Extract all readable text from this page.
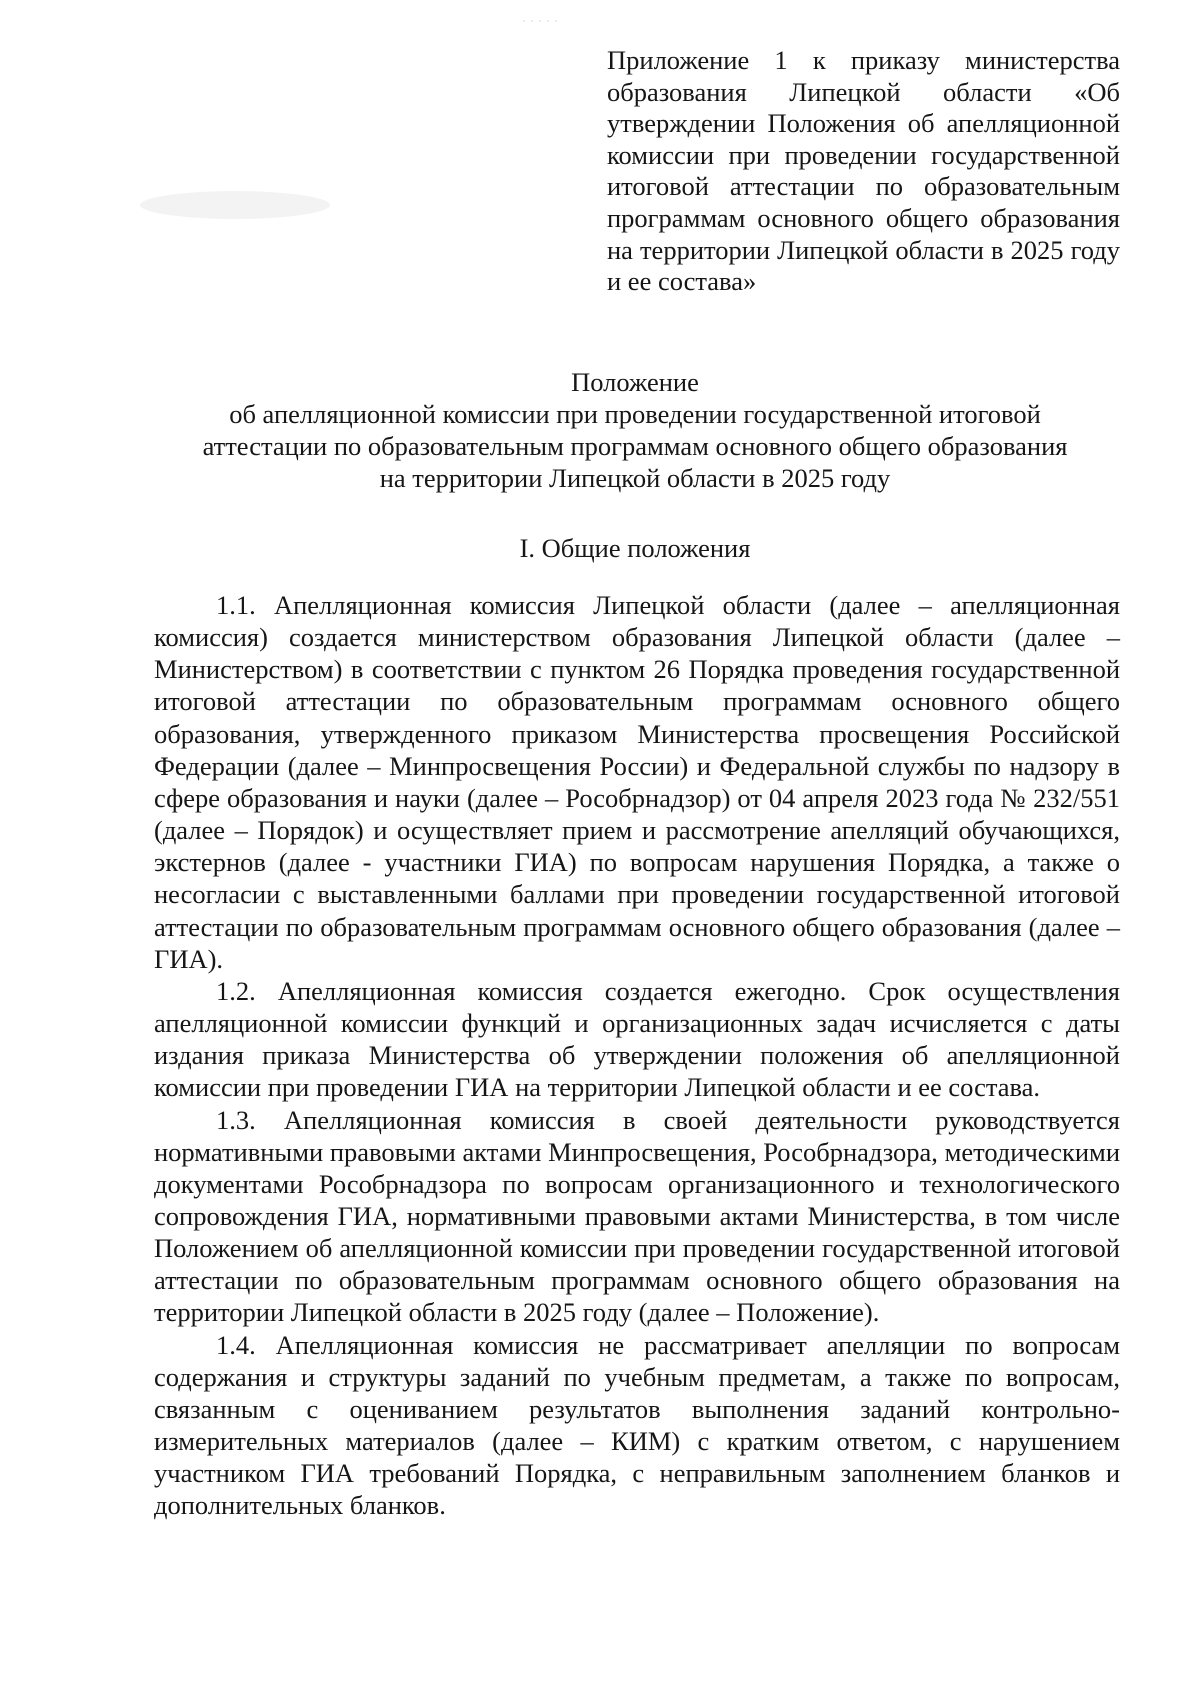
Приложение 1 к приказу министерства образования Липецкой области «Об утверждении Положения об апелляционной комиссии при проведении государственной итоговой аттестации по образовательным программам основного общего образования на территории Липецкой области в 2025 году и ее состава»
Положение
об апелляционной комиссии при проведении государственной итоговой
аттестации по образовательным программам основного общего образования
на территории Липецкой области в 2025 году
I. Общие положения

1.1. Апелляционная комиссия Липецкой области (далее – апелляционная комиссия) создается министерством образования Липецкой области (далее – Министерством) в соответствии с пунктом 26 Порядка проведения государственной итоговой аттестации по образовательным программам основного общего образования, утвержденного приказом Министерства просвещения Российской Федерации (далее – Минпросвещения России) и Федеральной службы по надзору в сфере образования и науки (далее – Рособрнадзор) от 04 апреля 2023 года № 232/551 (далее – Порядок) и осуществляет прием и рассмотрение апелляций обучающихся, экстернов (далее - участники ГИА) по вопросам нарушения Порядка, а также о несогласии с выставленными баллами при проведении государственной итоговой аттестации по образовательным программам основного общего образования (далее – ГИА).

1.2. Апелляционная комиссия создается ежегодно. Срок осуществления апелляционной комиссии функций и организационных задач исчисляется с даты издания приказа Министерства об утверждении положения об апелляционной комиссии при проведении ГИА на территории Липецкой области и ее состава.

1.3. Апелляционная комиссия в своей деятельности руководствуется нормативными правовыми актами Минпросвещения, Рособрнадзора, методическими документами Рособрнадзора по вопросам организационного и технологического сопровождения ГИА, нормативными правовыми актами Министерства, в том числе Положением об апелляционной комиссии при проведении государственной итоговой аттестации по образовательным программам основного общего образования на территории Липецкой области в 2025 году (далее – Положение).

1.4. Апелляционная комиссия не рассматривает апелляции по вопросам содержания и структуры заданий по учебным предметам, а также по вопросам, связанным с оцениванием результатов выполнения заданий контрольно-измерительных материалов (далее – КИМ) с кратким ответом, с нарушением участником ГИА требований Порядка, с неправильным заполнением бланков и дополнительных бланков.
